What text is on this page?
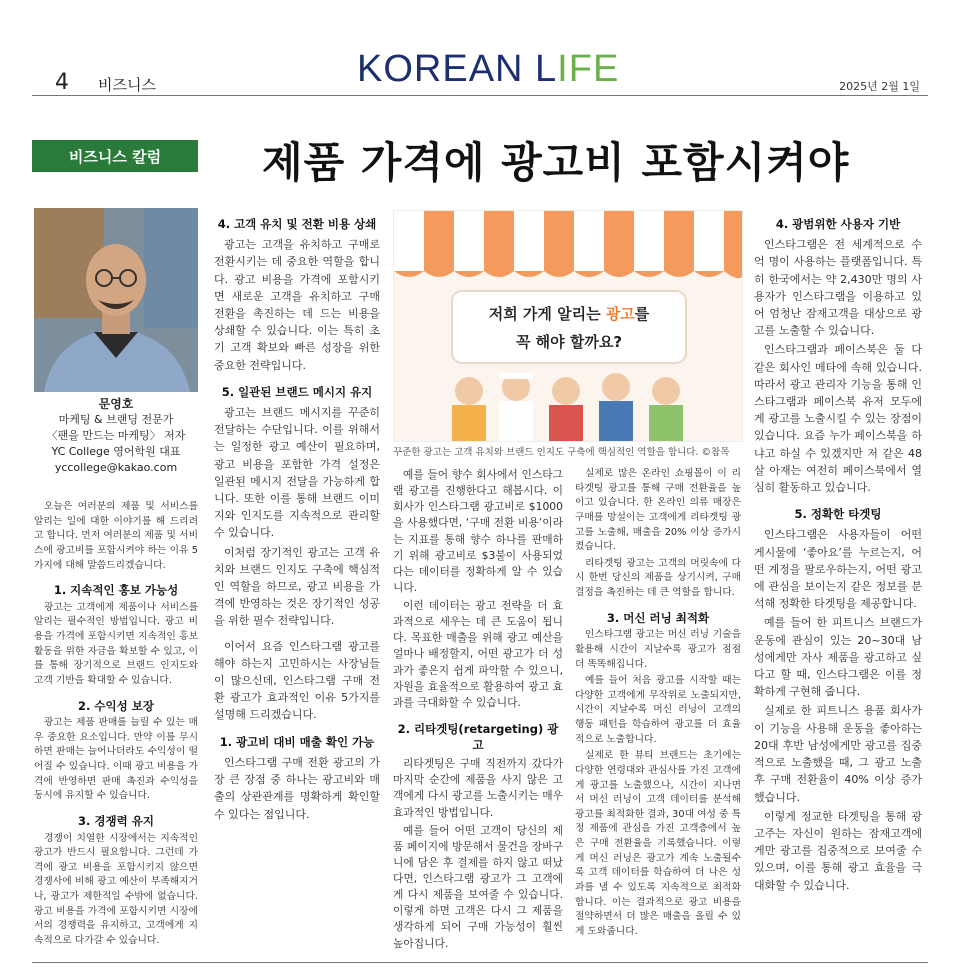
4 비즈니스	KOREAN LIFE	2025년 2월 1일
비즈니스 칼럼	제품 가격에 광고비 포함시켜야
문영호
마케팅 & 브랜딩 전문가
〈팬을 만드는 마케팅〉 저자
YC College 영어학원 대표
yccollege@kakao.com

오늘은 여러분의 제품 및 서비스를 알리는 일에 대한 이야기를 해 드리려고 합니다. 먼저 여러분의 제품 및 서비스에 광고비를 포함시켜야 하는 이유 5가지에 대해 말씀드리겠습니다.

1. 지속적인 홍보 가능성

광고는 고객에게 제품이나 서비스를 알리는 필수적인 방법입니다. 광고 비용을 가격에 포함시키면 지속적인 홍보 활동을 위한 자금을 확보할 수 있고, 이를 통해 장기적으로 브랜드 인지도와 고객 기반을 확대할 수 있습니다.

2. 수익성 보장

광고는 제품 판매를 늘릴 수 있는 매우 중요한 요소입니다. 만약 이를 무시하면 판매는 늘어나더라도 수익성이 떨어질 수 있습니다. 이때 광고 비용을 가격에 반영하면 판매 촉진과 수익성을 동시에 유지할 수 있습니다.

3. 경쟁력 유지

경쟁이 치열한 시장에서는 지속적인 광고가 반드시 필요합니다. 그런데 가격에 광고 비용을 포함시키지 않으면 경쟁사에 비해 광고 예산이 부족해지거나, 광고가 제한적일 수밖에 없습니다. 광고 비용을 가격에 포함시키면 시장에서의 경쟁력을 유지하고, 고객에게 지속적으로 다가갈 수 있습니다.

4. 고객 유치 및 전환 비용 상쇄

광고는 고객을 유치하고 구매로 전환시키는 데 중요한 역할을 합니다. 광고 비용을 가격에 포함시키면 새로운 고객을 유치하고 구매 전환을 촉진하는 데 드는 비용을 상쇄할 수 있습니다. 이는 특히 초기 고객 확보와 빠른 성장을 위한 중요한 전략입니다.

5. 일관된 브랜드 메시지 유지

광고는 브랜드 메시지를 꾸준히 전달하는 수단입니다. 이를 위해서는 일정한 광고 예산이 필요하며, 광고 비용을 포함한 가격 설정은 일관된 메시지 전달을 가능하게 합니다. 또한 이를 통해 브랜드 이미지와 인지도를 지속적으로 관리할 수 있습니다.

이처럼 장기적인 광고는 고객 유치와 브랜드 인지도 구축에 핵심적인 역할을 하므로, 광고 비용을 가격에 반영하는 것은 장기적인 성공을 위한 필수 전략입니다.

이어서 요즘 인스타그램 광고를 해야 하는지 고민하시는 사장님들이 많으신데, 인스타그램 구매 전환 광고가 효과적인 이유 5가지를 설명해 드리겠습니다.

1. 광고비 대비 매출 확인 가능

인스타그램 구매 전환 광고의 가장 큰 장점 중 하나는 광고비와 매출의 상관관계를 명확하게 확인할 수 있다는 점입니다.

저희 가게 알리는 광고를
꼭 해야 할까요?
꾸준한 광고는 고객 유치와 브랜드 인지도 구축에 핵심적인 역할을 합니다. ©참목

예를 들어 향수 회사에서 인스타그램 광고를 진행한다고 해봅시다. 이 회사가 인스타그램 광고비로 $1000을 사용했다면, ‘구매 전환 비용’이라는 지표를 통해 향수 하나를 판매하기 위해 광고비로 $3불이 사용되었다는 데이터를 정확하게 알 수 있습니다.

이런 데이터는 광고 전략을 더 효과적으로 세우는 데 큰 도움이 됩니다. 목표한 매출을 위해 광고 예산을 얼마나 배정할지, 어떤 광고가 더 성과가 좋은지 쉽게 파악할 수 있으니, 자원을 효율적으로 활용하여 광고 효과를 극대화할 수 있습니다.

2. 리타겟팅(retargeting) 광고

리타겟팅은 구매 직전까지 갔다가 마지막 순간에 제품을 사지 않은 고객에게 다시 광고를 노출시키는 매우 효과적인 방법입니다.

예를 들어 어떤 고객이 당신의 제품 페이지에 방문해서 물건을 장바구니에 담은 후 결제를 하지 않고 떠났다면, 인스타그램 광고가 그 고객에게 다시 제품을 보여줄 수 있습니다. 이렇게 하면 고객은 다시 그 제품을 생각하게 되어 구매 가능성이 훨씬 높아집니다.

실제로 많은 온라인 쇼핑몰이 이 리타겟팅 광고를 통해 구매 전환율을 높이고 있습니다. 한 온라인 의류 매장은 구매를 망설이는 고객에게 리타겟팅 광고를 노출해, 매출을 20% 이상 증가시켰습니다.

리타겟팅 광고는 고객의 머릿속에 다시 한번 당신의 제품을 상기시켜, 구매 결정을 촉진하는 데 큰 역할을 합니다.

3. 머신 러닝 최적화

인스타그램 광고는 머신 러닝 기술을 활용해 시간이 지날수록 광고가 점점 더 똑똑해집니다.

예를 들어 처음 광고를 시작할 때는 다양한 고객에게 무작위로 노출되지만, 시간이 지날수록 머신 러닝이 고객의 행동 패턴을 학습하여 광고를 더 효율적으로 노출합니다.

실제로 한 뷰티 브랜드는 초기에는 다양한 연령대와 관심사를 가진 고객에게 광고를 노출했으나, 시간이 지나면서 머신 러닝이 고객 데이터를 분석해 광고를 최적화한 결과, 30대 여성 중 특정 제품에 관심을 가진 고객층에서 높은 구매 전환율을 기록했습니다. 이렇게 머신 러닝은 광고가 계속 노출될수록 고객 데이터를 학습하여 더 나은 성과를 낼 수 있도록 지속적으로 최적화합니다. 이는 결과적으로 광고 비용을 절약하면서 더 많은 매출을 올릴 수 있게 도와줍니다.

4. 광범위한 사용자 기반

인스타그램은 전 세계적으로 수억 명이 사용하는 플랫폼입니다. 특히 한국에서는 약 2,430만 명의 사용자가 인스타그램을 이용하고 있어 엄청난 잠재고객을 대상으로 광고를 노출할 수 있습니다.

인스타그램과 페이스북은 둘 다 같은 회사인 메타에 속해 있습니다. 따라서 광고 관리자 기능을 통해 인스타그램과 페이스북 유저 모두에게 광고를 노출시킬 수 있는 장점이 있습니다. 요즘 누가 페이스북을 하냐고 하실 수 있겠지만 저 같은 48살 아재는 여전히 페이스북에서 열심히 활동하고 있습니다.

5. 정확한 타겟팅

인스타그램은 사용자들이 어떤 게시물에 ‘좋아요’를 누르는지, 어떤 계정을 팔로우하는지, 어떤 광고에 관심을 보이는지 같은 정보를 분석해 정확한 타겟팅을 제공합니다.

예를 들어 한 피트니스 브랜드가 운동에 관심이 있는 20~30대 남성에게만 자사 제품을 광고하고 싶다고 할 때, 인스타그램은 이를 정확하게 구현해 줍니다.

실제로 한 피트니스 용품 회사가 이 기능을 사용해 운동을 좋아하는 20대 후반 남성에게만 광고를 집중적으로 노출했을 때, 그 광고 노출 후 구매 전환율이 40% 이상 증가했습니다.

이렇게 정교한 타겟팅을 통해 광고주는 자신이 원하는 잠재고객에게만 광고를 집중적으로 보여줄 수 있으며, 이를 통해 광고 효율을 극대화할 수 있습니다.
